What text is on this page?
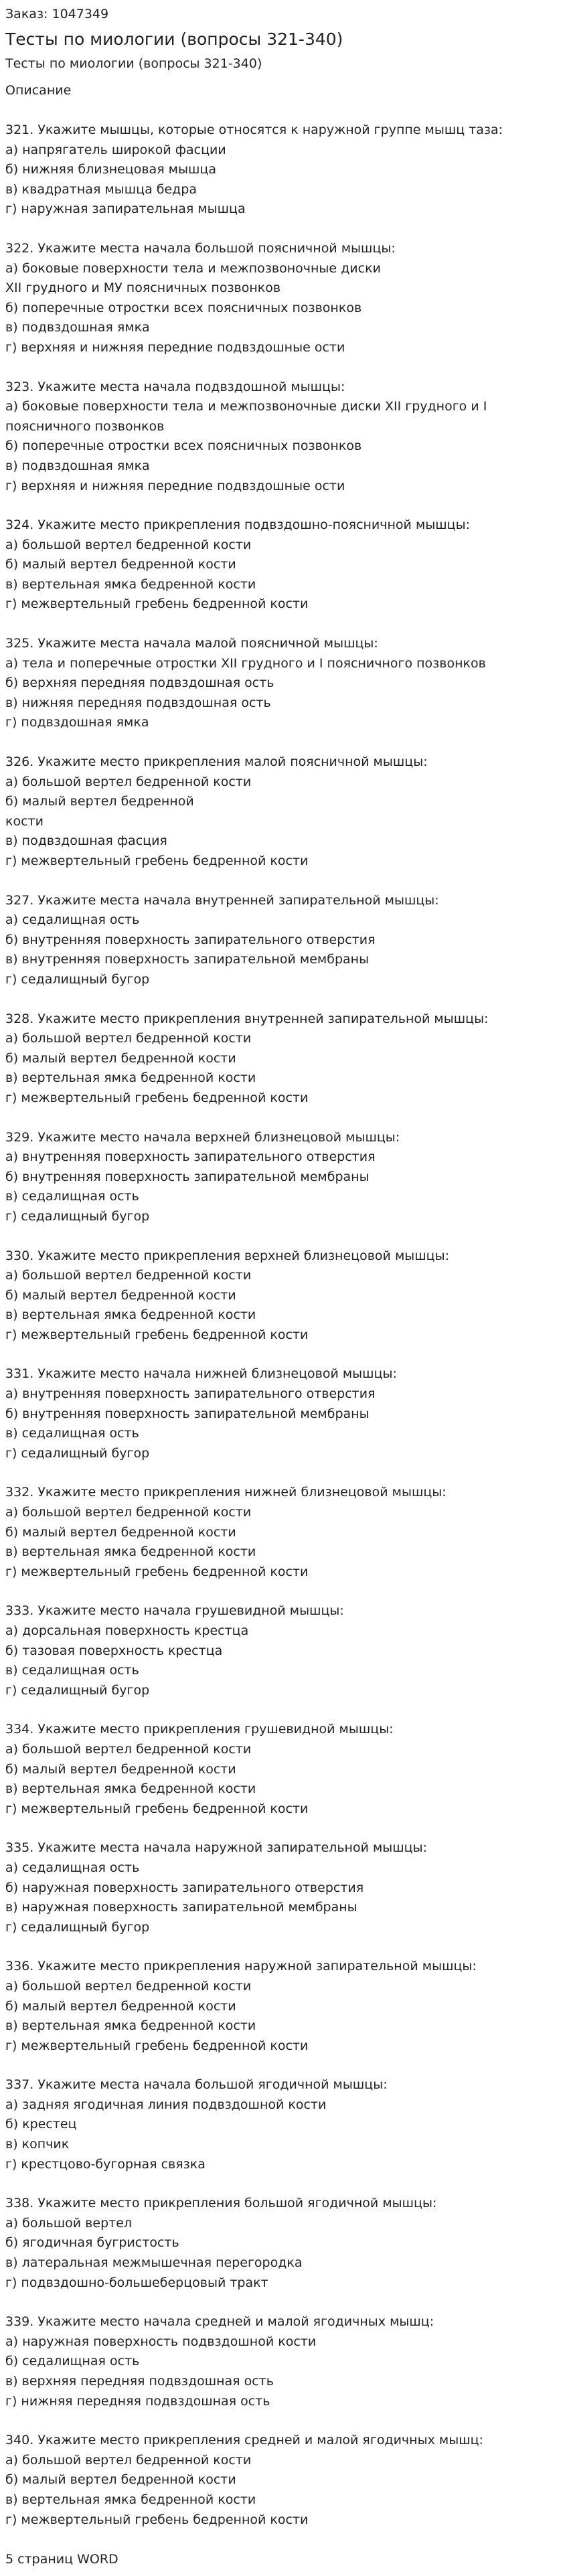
Заказ: 1047349
Тесты по миологии (вопросы 321-340)
Тесты по миологии (вопросы 321-340)
Описание
321. Укажите мышцы, которые относятся к наружной группе мышц таза:
а) напрягатель широкой фасции
б) нижняя близнецовая мышца
в) квадратная мышца бедра
г) наружная запирательная мышца
322. Укажите места начала большой поясничной мышцы:
а) боковые поверхности тела и межпозвоночные диски
XII грудного и МУ поясничных позвонков
б) поперечные отростки всех поясничных позвонков
в) подвздошная ямка
г) верхняя и нижняя передние подвздошные ости
323. Укажите места начала подвздошной мышцы:
а) боковые поверхности тела и межпозвоночные диски XII грудного и I поясничного позвонков
б) поперечные отростки всех поясничных позвонков
в) подвздошная ямка
г) верхняя и нижняя передние подвздошные ости
324. Укажите место прикрепления подвздошно-поясничной мышцы:
а) большой вертел бедренной кости
б) малый вертел бедренной кости
в) вертельная ямка бедренной кости
г) межвертельный гребень бедренной кости
325. Укажите места начала малой поясничной мышцы:
а) тела и поперечные отростки XII грудного и I поясничного позвонков
б) верхняя передняя подвздошная ость
в) нижняя передняя подвздошная ость
г) подвздошная ямка
326. Укажите место прикрепления малой поясничной мышцы:
а) большой вертел бедренной кости
б) малый вертел бедренной
кости
в) подвздошная фасция
г) межвертельный гребень бедренной кости
327. Укажите места начала внутренней запирательной мышцы:
а) седалищная ость
б) внутренняя поверхность запирательного отверстия
в) внутренняя поверхность запирательной мембраны
г) седалищный бугор
328. Укажите место прикрепления внутренней запирательной мышцы:
а) большой вертел бедренной кости
б) малый вертел бедренной кости
в) вертельная ямка бедренной кости
г) межвертельный гребень бедренной кости
329. Укажите место начала верхней близнецовой мышцы:
а) внутренняя поверхность запирательного отверстия
б) внутренняя поверхность запирательной мембраны
в) седалищная ость
г) седалищный бугор
330. Укажите место прикрепления верхней близнецовой мышцы:
а) большой вертел бедренной кости
б) малый вертел бедренной кости
в) вертельная ямка бедренной кости
г) межвертельный гребень бедренной кости
331. Укажите место начала нижней близнецовой мышцы:
а) внутренняя поверхность запирательного отверстия
б) внутренняя поверхность запирательной мембраны
в) седалищная ость
г) седалищный бугор
332. Укажите место прикрепления нижней близнецовой мышцы:
а) большой вертел бедренной кости
б) малый вертел бедренной кости
в) вертельная ямка бедренной кости
г) межвертельный гребень бедренной кости
333. Укажите место начала грушевидной мышцы:
а) дорсальная поверхность крестца
б) тазовая поверхность крестца
в) седалищная ость
г) седалищный бугор
334. Укажите место прикрепления грушевидной мышцы:
а) большой вертел бедренной кости
б) малый вертел бедренной кости
в) вертельная ямка бедренной кости
г) межвертельный гребень бедренной кости
335. Укажите места начала наружной запирательной мышцы:
а) седалищная ость
б) наружная поверхность запирательного отверстия
в) наружная поверхность запирательной мембраны
г) седалищный бугор
336. Укажите место прикрепления наружной запирательной мышцы:
а) большой вертел бедренной кости
б) малый вертел бедренной кости
в) вертельная ямка бедренной кости
г) межвертельный гребень бедренной кости
337. Укажите места начала большой ягодичной мышцы:
а) задняя ягодичная линия подвздошной кости
б) крестец
в) копчик
г) крестцово-бугорная связка
338. Укажите место прикрепления большой ягодичной мышцы:
а) большой вертел
б) ягодичная бугристость
в) латеральная межмышечная перегородка
г) подвздошно-большеберцовый тракт
339. Укажите место начала средней и малой ягодичных мышц:
а) наружная поверхность подвздошной кости
б) седалищная ость
в) верхняя передняя подвздошная ость
г) нижняя передняя подвздошная ость
340. Укажите место прикрепления средней и малой ягодичных мышц:
а) большой вертел бедренной кости
б) малый вертел бедренной кости
в) вертельная ямка бедренной кости
г) межвертельный гребень бедренной кости
5 страниц WORD
